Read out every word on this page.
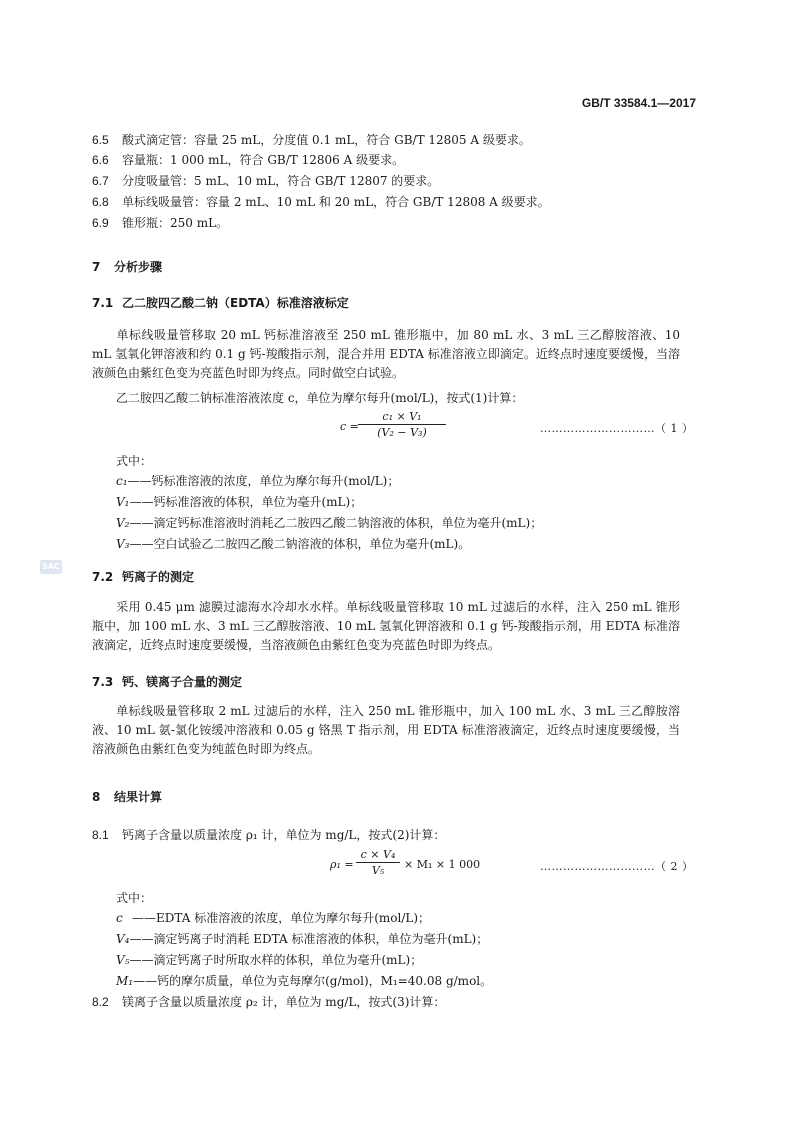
GB/T 33584.1—2017
6.5 酸式滴定管：容量 25 mL，分度值 0.1 mL，符合 GB/T 12805 A 级要求。
6.6 容量瓶：1 000 mL，符合 GB/T 12806 A 级要求。
6.7 分度吸量管：5 mL、10 mL，符合 GB/T 12807 的要求。
6.8 单标线吸量管：容量 2 mL、10 mL 和 20 mL，符合 GB/T 12808 A 级要求。
6.9 锥形瓶：250 mL。
7 分析步骤
7.1 乙二胺四乙酸二钠（EDTA）标准溶液标定
单标线吸量管移取 20 mL 钙标准溶液至 250 mL 锥形瓶中，加 80 mL 水、3 mL 三乙醇胺溶液、10 mL 氢氧化钾溶液和约 0.1 g 钙-羧酸指示剂，混合并用 EDTA 标准溶液立即滴定。近终点时速度要缓慢，当溶液颜色由紫红色变为亮蓝色时即为终点。同时做空白试验。
乙二胺四乙酸二钠标准溶液浓度 c，单位为摩尔每升(mol/L)，按式(1)计算：
c =
c₁ × V₁
(V₂ − V₃)	…………………………（ 1 ）
式中：
c₁——钙标准溶液的浓度，单位为摩尔每升(mol/L)；
V₁——钙标准溶液的体积，单位为毫升(mL)；
V₂——滴定钙标准溶液时消耗乙二胺四乙酸二钠溶液的体积，单位为毫升(mL)；
V₃——空白试验乙二胺四乙酸二钠溶液的体积，单位为毫升(mL)。
SAC
7.2 钙离子的测定
采用 0.45 μm 滤膜过滤海水冷却水水样。单标线吸量管移取 10 mL 过滤后的水样，注入 250 mL 锥形瓶中，加 100 mL 水、3 mL 三乙醇胺溶液、10 mL 氢氧化钾溶液和 0.1 g 钙-羧酸指示剂，用 EDTA 标准溶液滴定，近终点时速度要缓慢，当溶液颜色由紫红色变为亮蓝色时即为终点。
7.3 钙、镁离子合量的测定
单标线吸量管移取 2 mL 过滤后的水样，注入 250 mL 锥形瓶中，加入 100 mL 水、3 mL 三乙醇胺溶液、10 mL 氨-氯化铵缓冲溶液和 0.05 g 铬黑 T 指示剂，用 EDTA 标准溶液滴定，近终点时速度要缓慢，当溶液颜色由紫红色变为纯蓝色时即为终点。
8 结果计算
8.1 钙离子含量以质量浓度 ρ₁ 计，单位为 mg/L，按式(2)计算：
ρ₁ =
c × V₄
V₅	× M₁ × 1 000	…………………………（ 2 ）
式中：
c ——EDTA 标准溶液的浓度，单位为摩尔每升(mol/L)；
V₄——滴定钙离子时消耗 EDTA 标准溶液的体积，单位为毫升(mL)；
V₅——滴定钙离子时所取水样的体积，单位为毫升(mL)；
M₁——钙的摩尔质量，单位为克每摩尔(g/mol)，M₁=40.08 g/mol。
8.2 镁离子含量以质量浓度 ρ₂ 计，单位为 mg/L，按式(3)计算：
